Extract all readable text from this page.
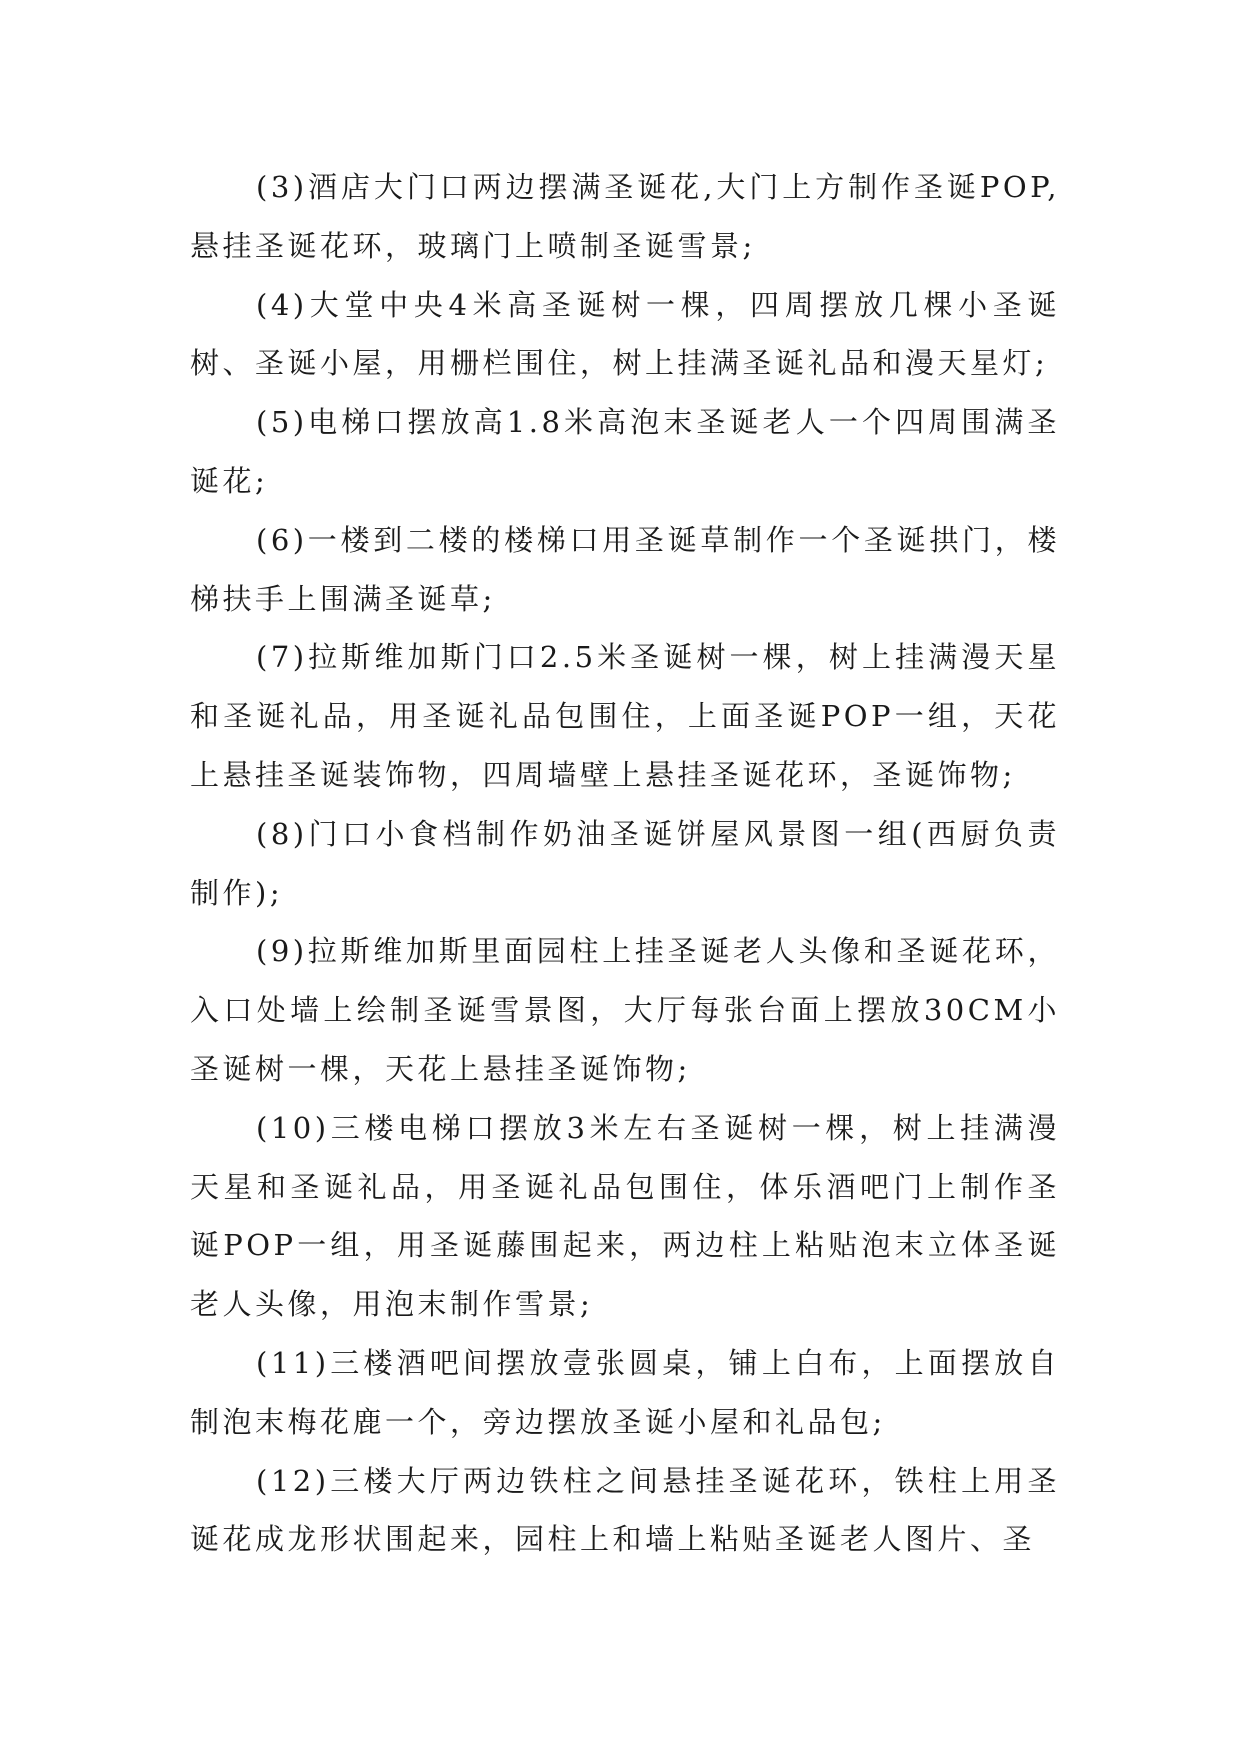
(3)酒店大门口两边摆满圣诞花,大门上方制作圣诞POP,悬挂圣诞花环，玻璃门上喷制圣诞雪景;

(4)大堂中央4米高圣诞树一棵，四周摆放几棵小圣诞树、圣诞小屋，用栅栏围住，树上挂满圣诞礼品和漫天星灯;

(5)电梯口摆放高1.8米高泡末圣诞老人一个四周围满圣诞花;

(6)一楼到二楼的楼梯口用圣诞草制作一个圣诞拱门，楼梯扶手上围满圣诞草;

(7)拉斯维加斯门口2.5米圣诞树一棵，树上挂满漫天星和圣诞礼品，用圣诞礼品包围住，上面圣诞POP一组，天花上悬挂圣诞装饰物，四周墙壁上悬挂圣诞花环，圣诞饰物;

(8)门口小食档制作奶油圣诞饼屋风景图一组(西厨负责制作);

(9)拉斯维加斯里面园柱上挂圣诞老人头像和圣诞花环，入口处墙上绘制圣诞雪景图，大厅每张台面上摆放30CM小圣诞树一棵，天花上悬挂圣诞饰物;

(10)三楼电梯口摆放3米左右圣诞树一棵，树上挂满漫天星和圣诞礼品，用圣诞礼品包围住，体乐酒吧门上制作圣诞POP一组，用圣诞藤围起来，两边柱上粘贴泡末立体圣诞老人头像，用泡末制作雪景;

(11)三楼酒吧间摆放壹张圆桌，铺上白布，上面摆放自制泡末梅花鹿一个，旁边摆放圣诞小屋和礼品包;

(12)三楼大厅两边铁柱之间悬挂圣诞花环，铁柱上用圣诞花成龙形状围起来，园柱上和墙上粘贴圣诞老人图片、圣
